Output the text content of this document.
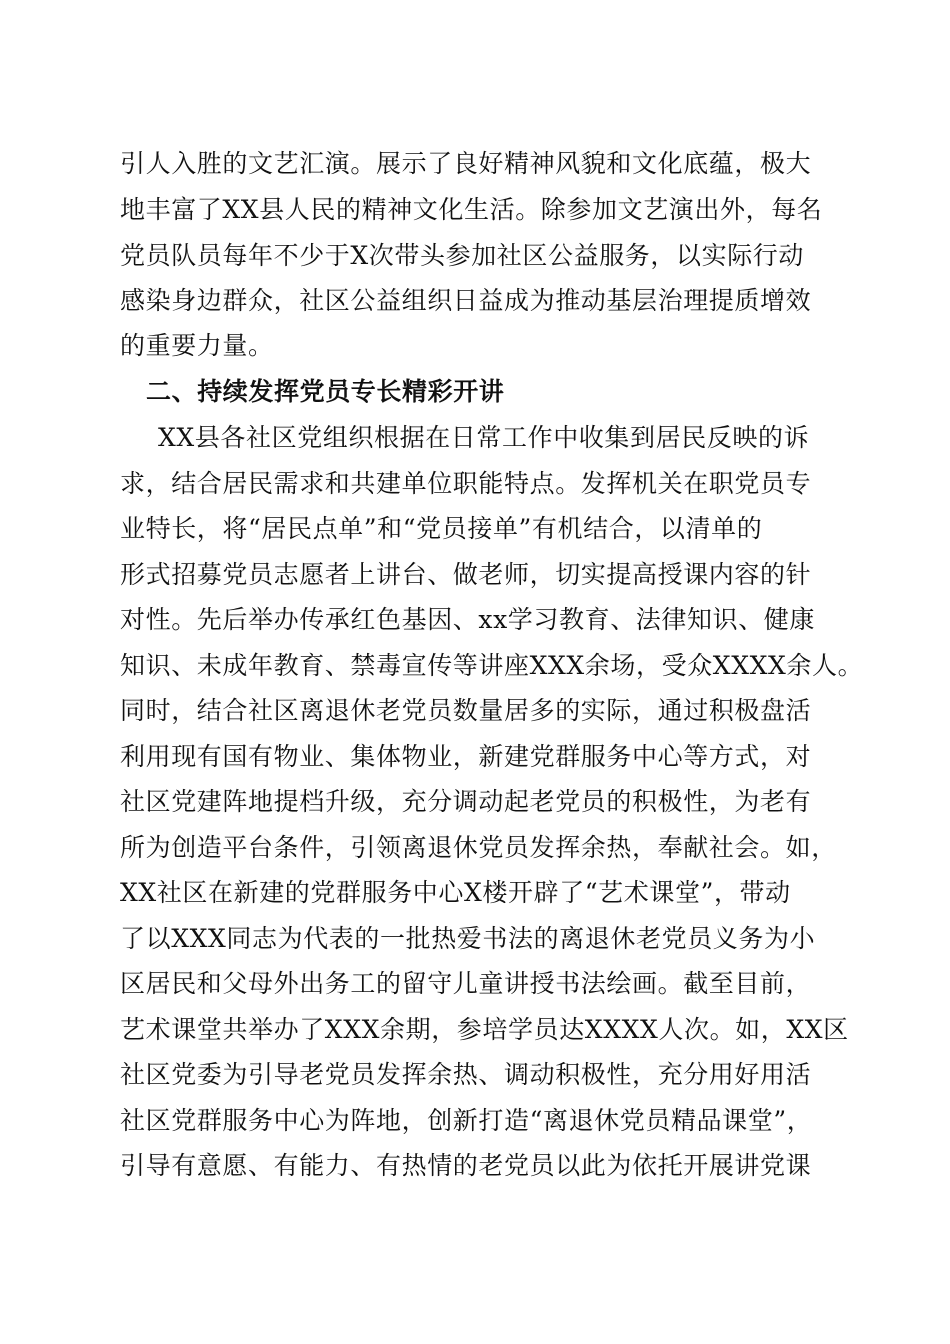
引人入胜的文艺汇演。展示了良好精神风貌和文化底蕴，极大
地丰富了XX县人民的精神文化生活。除参加文艺演出外，每名
党员队员每年不少于X次带头参加社区公益服务，以实际行动
感染身边群众，社区公益组织日益成为推动基层治理提质增效
的重要力量。
二、持续发挥党员专长精彩开讲
XX县各社区党组织根据在日常工作中收集到居民反映的诉
求，结合居民需求和共建单位职能特点。发挥机关在职党员专
业特长，将“居民点单”和“党员接单”有机结合，以清单的
形式招募党员志愿者上讲台、做老师，切实提高授课内容的针
对性。先后举办传承红色基因、xx学习教育、法律知识、健康
知识、未成年教育、禁毒宣传等讲座XXX余场，受众XXXX余人。
同时，结合社区离退休老党员数量居多的实际，通过积极盘活
利用现有国有物业、集体物业，新建党群服务中心等方式，对
社区党建阵地提档升级，充分调动起老党员的积极性，为老有
所为创造平台条件，引领离退休党员发挥余热，奉献社会。如，
XX社区在新建的党群服务中心X楼开辟了“艺术课堂”，带动
了以XXX同志为代表的一批热爱书法的离退休老党员义务为小
区居民和父母外出务工的留守儿童讲授书法绘画。截至目前，
艺术课堂共举办了XXX余期，参培学员达XXXX人次。如，XX区
社区党委为引导老党员发挥余热、调动积极性，充分用好用活
社区党群服务中心为阵地，创新打造“离退休党员精品课堂”，
引导有意愿、有能力、有热情的老党员以此为依托开展讲党课
